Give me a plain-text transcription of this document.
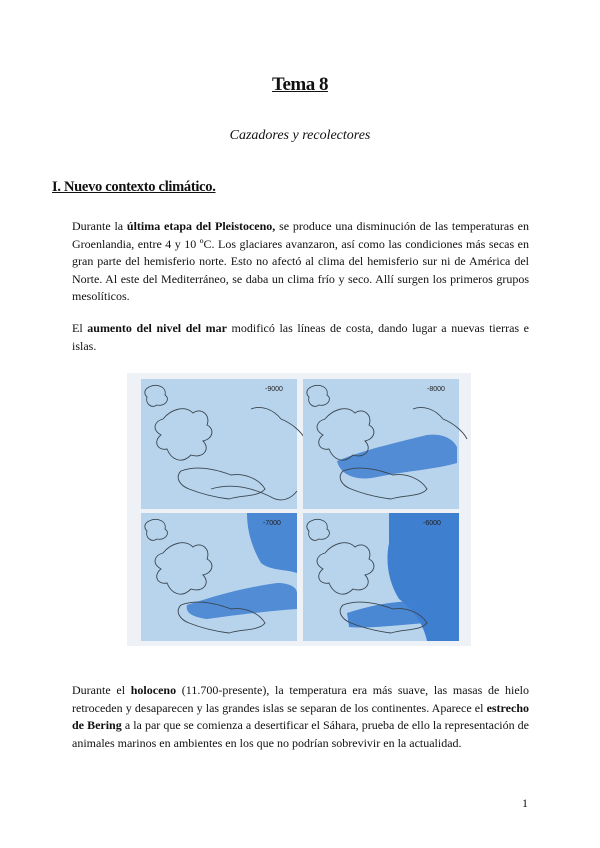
Tema 8
Cazadores y recolectores
I. Nuevo contexto climático.
Durante la última etapa del Pleistoceno, se produce una disminución de las temperaturas en Groenlandia, entre 4 y 10 ºC. Los glaciares avanzaron, así como las condiciones más secas en gran parte del hemisferio norte. Esto no afectó al clima del hemisferio sur ni de América del Norte. Al este del Mediterráneo, se daba un clima frío y seco. Allí surgen los primeros grupos mesolíticos.
El aumento del nivel del mar modificó las líneas de costa, dando lugar a nuevas tierras e islas.
-9000	-8000
-7000	-6000
Durante el holoceno (11.700-presente), la temperatura era más suave, las masas de hielo retroceden y desaparecen y las grandes islas se separan de los continentes. Aparece el estrecho de Bering a la par que se comienza a desertificar el Sáhara, prueba de ello la representación de animales marinos en ambientes en los que no podrían sobrevivir en la actualidad.
1
